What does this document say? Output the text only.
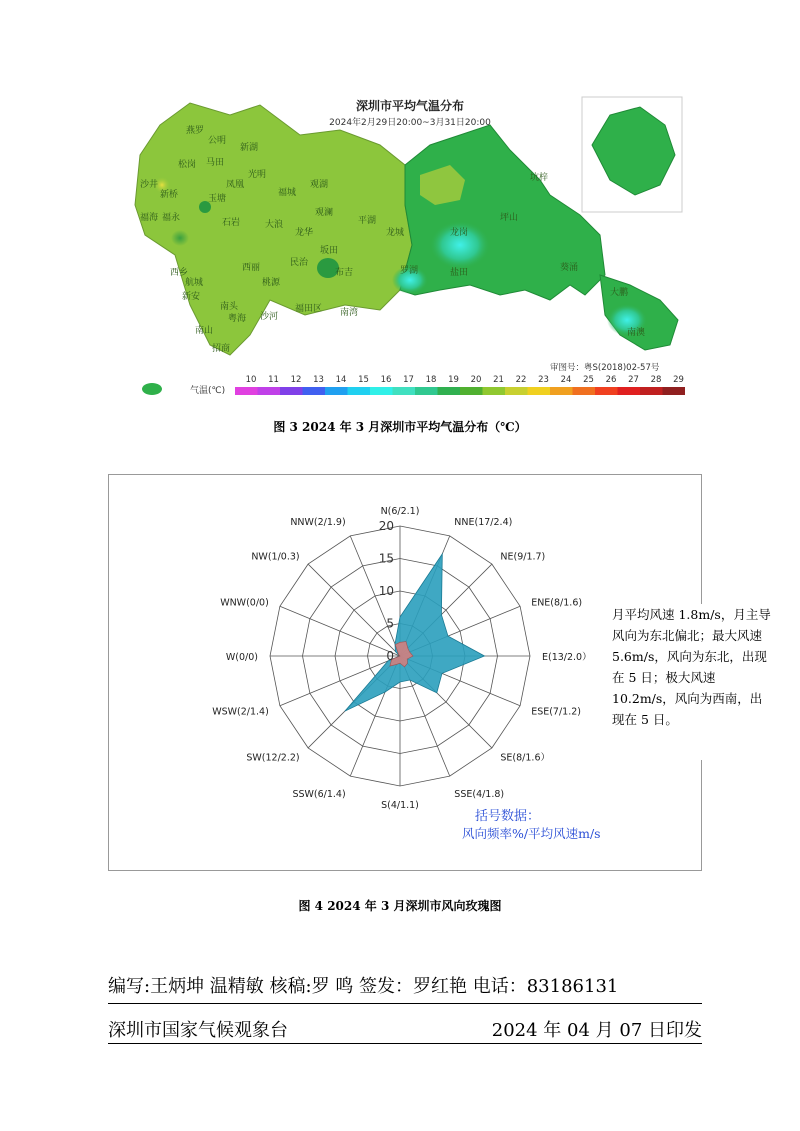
深圳市平均气温分布
2024年2月29日20:00~3月31日20:00
燕罗
公明
新湖
马田
松岗
沙井
新桥
光明
凤凰
玉塘
福永
福海	石岩
福城
观湖
观澜
大浪
龙华
民治
坂田
西乡
航城
新安
西丽
桃源
南头
粤海 沙河
南山
招商
福田区
布吉
南湾
平湖
龙城
罗湖
龙岗
坪山
坑梓
盐田
南澳
葵涌
大鹏
审图号：粤S(2018)02-57号
气温(℃)
10 11 12 13 14 15 16 17 18 19 20 21 22 23 24 25 26 27 28 29
图 3 2024 年 3 月深圳市平均气温分布（℃）
0
5
10
15
20
N(6/2.1)
NNE(17/2.4)
NE(9/1.7)
ENE(8/1.6)
E(13/2.0）
ESE(7/1.2)
SE(8/1.6）
SSE(4/1.8)
S(4/1.1)
SSW(6/1.4)
SW(12/2.2)
WSW(2/1.4)
W(0/0)
WNW(0/0)
NW(1/0.3)
NNW(2/1.9)
括号数据：
风向频率%/平均风速m/s
月平均风速 1.8m/s，月主导风向为东北偏北；最大风速 5.6m/s，风向为东北，出现在 5 日；极大风速 10.2m/s，风向为西南，出现在 5 日。
图 4 2024 年 3 月深圳市风向玫瑰图
编写:王炳坤 温精敏 核稿:罗 鸣 签发：罗红艳 电话：83186131
深圳市国家气候观象台	2024 年 04 月 07 日印发
